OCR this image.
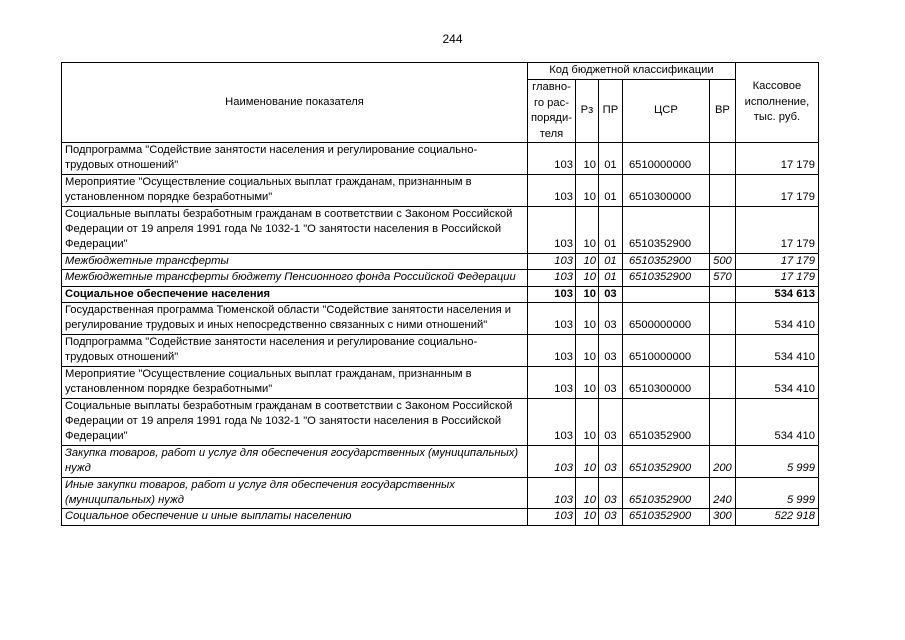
244
Наименование показателя	Код бюджетной классификации					Кассовое исполнение, тыс. руб.
	главно-го рас-поряди-теля	Рз	ПР	ЦСР	ВР	
Подпрограмма "Содействие занятости населения и регулирование социально-трудовых отношений"	103	10	01	6510000000		17 179
Мероприятие "Осуществление социальных выплат гражданам, признанным в установленном порядке безработными"	103	10	01	6510300000		17 179
Социальные выплаты безработным гражданам в соответствии с Законом Российской Федерации от 19 апреля 1991 года № 1032-1 "О занятости населения в Российской Федерации"	103	10	01	6510352900		17 179
Межбюджетные трансферты	103	10	01	6510352900	500	17 179
Межбюджетные трансферты бюджету Пенсионного фонда Российской Федерации	103	10	01	6510352900	570	17 179
Социальное обеспечение населения	103	10	03			534 613
Государственная программа Тюменской области "Содействие занятости населения и регулирование трудовых и иных непосредственно связанных с ними отношений"	103	10	03	6500000000		534 410
Подпрограмма "Содействие занятости населения и регулирование социально-трудовых отношений"	103	10	03	6510000000		534 410
Мероприятие "Осуществление социальных выплат гражданам, признанным в установленном порядке безработными"	103	10	03	6510300000		534 410
Социальные выплаты безработным гражданам в соответствии с Законом Российской Федерации от 19 апреля 1991 года № 1032-1 "О занятости населения в Российской Федерации"	103	10	03	6510352900		534 410
Закупка товаров, работ и услуг для обеспечения государственных (муниципальных) нужд	103	10	03	6510352900	200	5 999
Иные закупки товаров, работ и услуг для обеспечения государственных (муниципальных) нужд	103	10	03	6510352900	240	5 999
Социальное обеспечение и иные выплаты населению	103	10	03	6510352900	300	522 918
